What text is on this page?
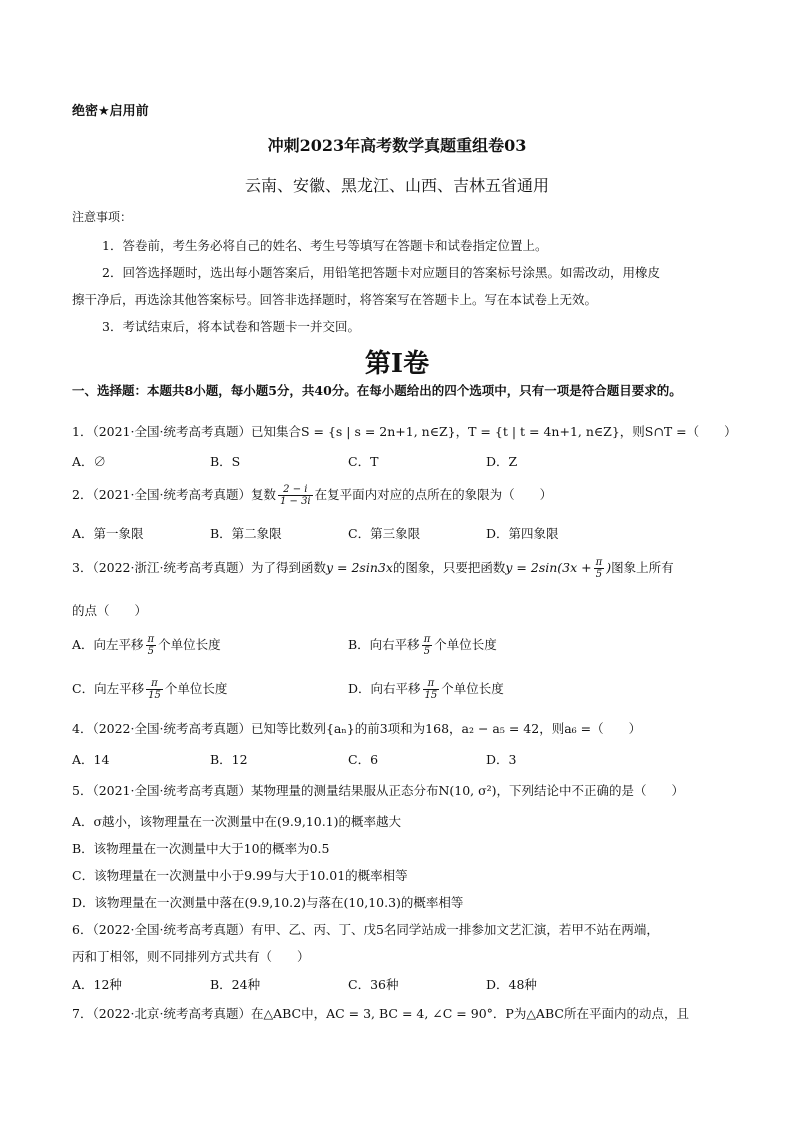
绝密★启用前
冲刺2023年高考数学真题重组卷03
云南、安徽、黑龙江、山西、吉林五省通用
注意事项：
1．答卷前，考生务必将自己的姓名、考生号等填写在答题卡和试卷指定位置上。
2．回答选择题时，选出每小题答案后，用铅笔把答题卡对应题目的答案标号涂黑。如需改动，用橡皮
擦干净后，再选涂其他答案标号。回答非选择题时，将答案写在答题卡上。写在本试卷上无效。
3．考试结束后，将本试卷和答题卡一并交回。
第I卷
一、选择题：本题共8小题，每小题5分，共40分。在每小题给出的四个选项中，只有一项是符合题目要求的。
1．（2021·全国·统考高考真题）已知集合S = {s | s = 2n+1, n∈Z}，T = {t | t = 4n+1, n∈Z}，则S∩T =（　　）
A．∅	B．S	C．T	D．Z
2．（2021·全国·统考高考真题）复数 $\frac{2 - i}{1 - 3i}$ 在复平面内对应的点所在的象限为（　　）
A．第一象限	B．第二象限	C．第三象限	D．第四象限
3．（2022·浙江·统考高考真题）为了得到函数y = 2sin3x的图象，只要把函数$y = 2\sin(3x + \frac{\pi}{5}$ )图象上所有
的点（　　）
A．向左平移 $\frac{\pi}{5}$ 个单位长度	B．向右平移 $\frac{\pi}{5}$ 个单位长度
C．向左平移 $\frac{\pi}{15}$ 个单位长度	D．向右平移 $\frac{\pi}{15}$ 个单位长度
4．（2022·全国·统考高考真题）已知等比数列{aₙ}的前3项和为168，a₂ − a₅ = 42，则a₆ =（　　）
A．14	B．12	C．6	D．3
5．（2021·全国·统考高考真题）某物理量的测量结果服从正态分布N(10, σ²)，下列结论中不正确的是（　　）
A．σ越小，该物理量在一次测量中在(9.9,10.1)的概率越大
B．该物理量在一次测量中大于10的概率为0.5
C．该物理量在一次测量中小于9.99与大于10.01的概率相等
D．该物理量在一次测量中落在(9.9,10.2)与落在(10,10.3)的概率相等
6．（2022·全国·统考高考真题）有甲、乙、丙、丁、戊5名同学站成一排参加文艺汇演，若甲不站在两端，
丙和丁相邻，则不同排列方式共有（　　）
A．12种	B．24种	C．36种	D．48种
7．（2022·北京·统考高考真题）在△ABC中，AC = 3, BC = 4, ∠C = 90°．P为△ABC所在平面内的动点，且
